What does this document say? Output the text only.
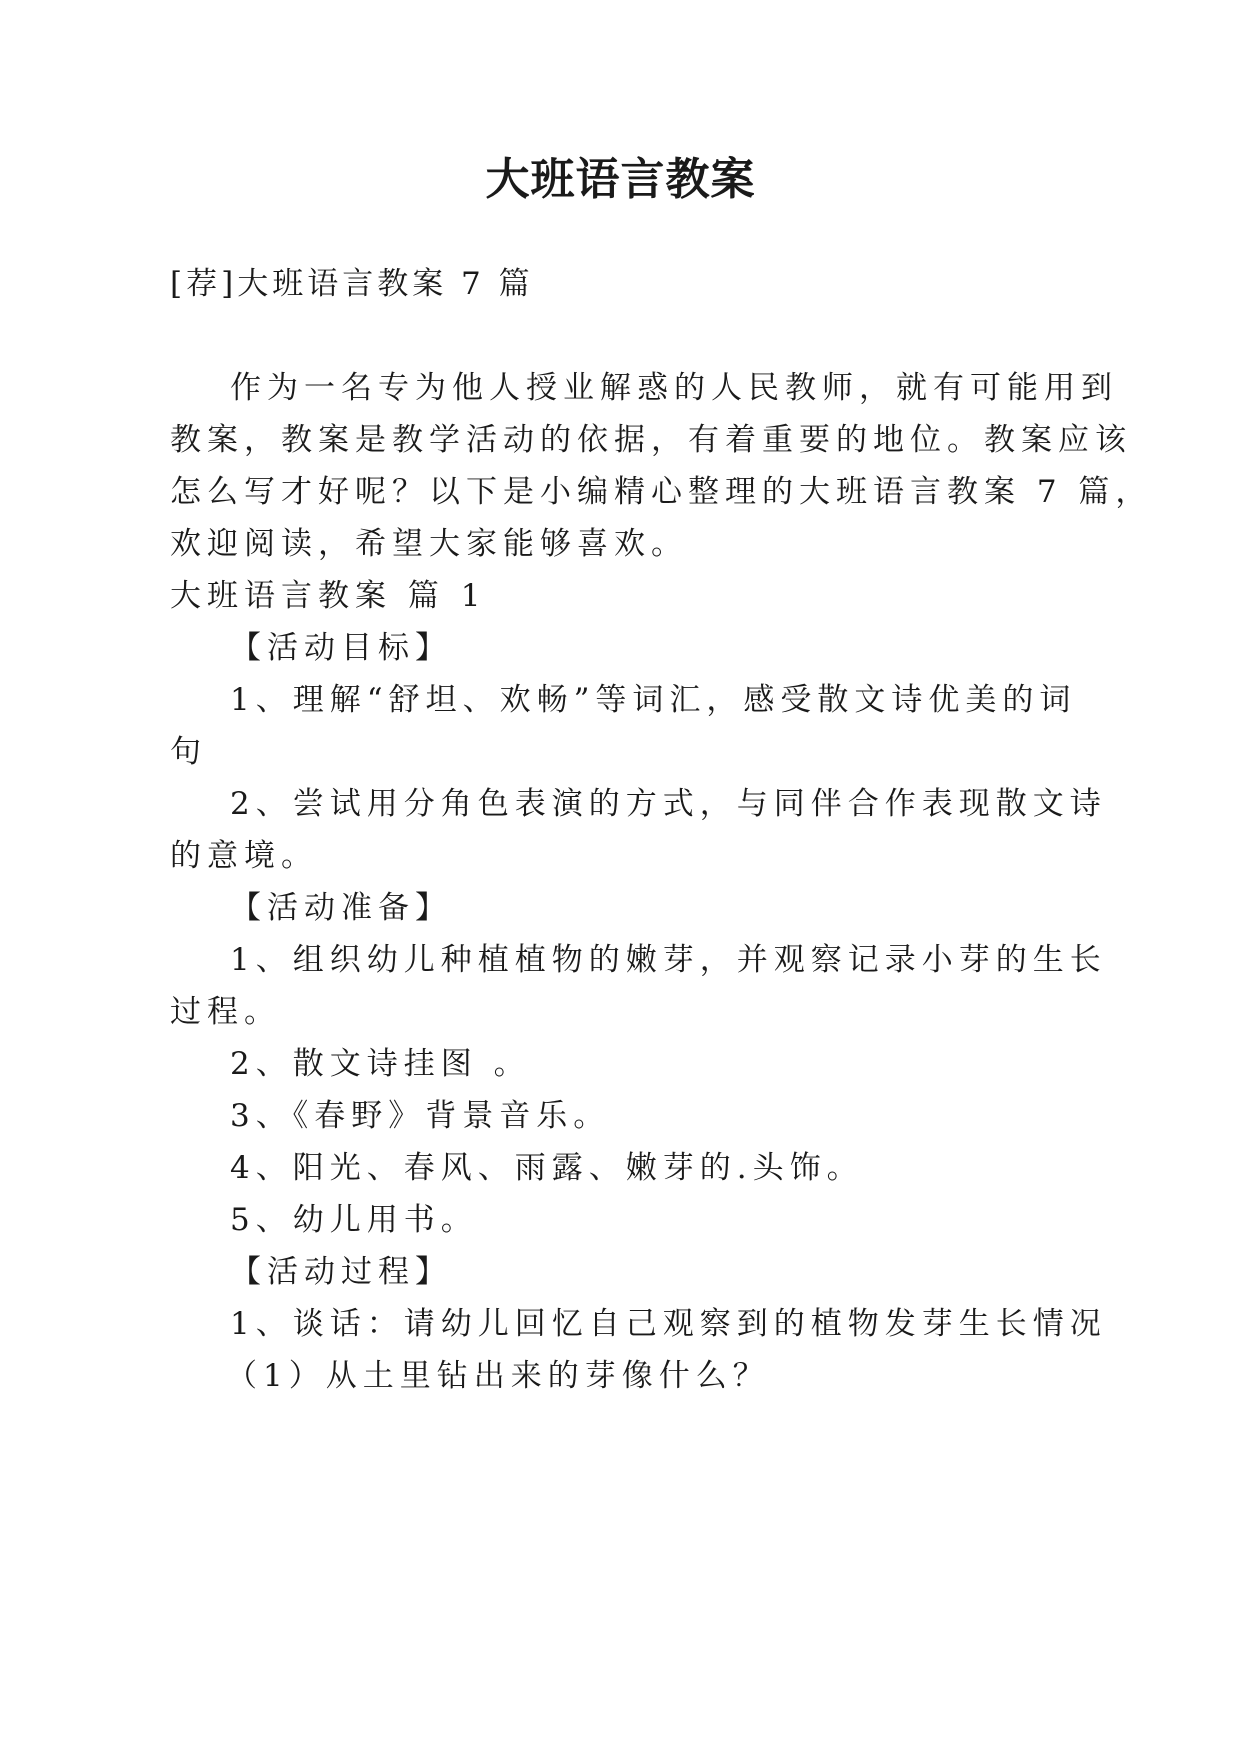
大班语言教案
[荐]大班语言教案 7 篇
作为一名专为他人授业解惑的人民教师，就有可能用到
教案，教案是教学活动的依据，有着重要的地位。教案应该
怎么写才好呢？以下是小编精心整理的大班语言教案 7 篇，
欢迎阅读，希望大家能够喜欢。
大班语言教案 篇 1
【活动目标】
1、理解“舒坦、欢畅”等词汇，感受散文诗优美的词
句
2、尝试用分角色表演的方式，与同伴合作表现散文诗
的意境。
【活动准备】
1、组织幼儿种植植物的嫩芽，并观察记录小芽的生长
过程。
2、散文诗挂图 。
3、《春野》背景音乐。
4、阳光、春风、雨露、嫩芽的.头饰。
5、幼儿用书。
【活动过程】
1、谈话：请幼儿回忆自己观察到的植物发芽生长情况
（1）从土里钻出来的芽像什么？
